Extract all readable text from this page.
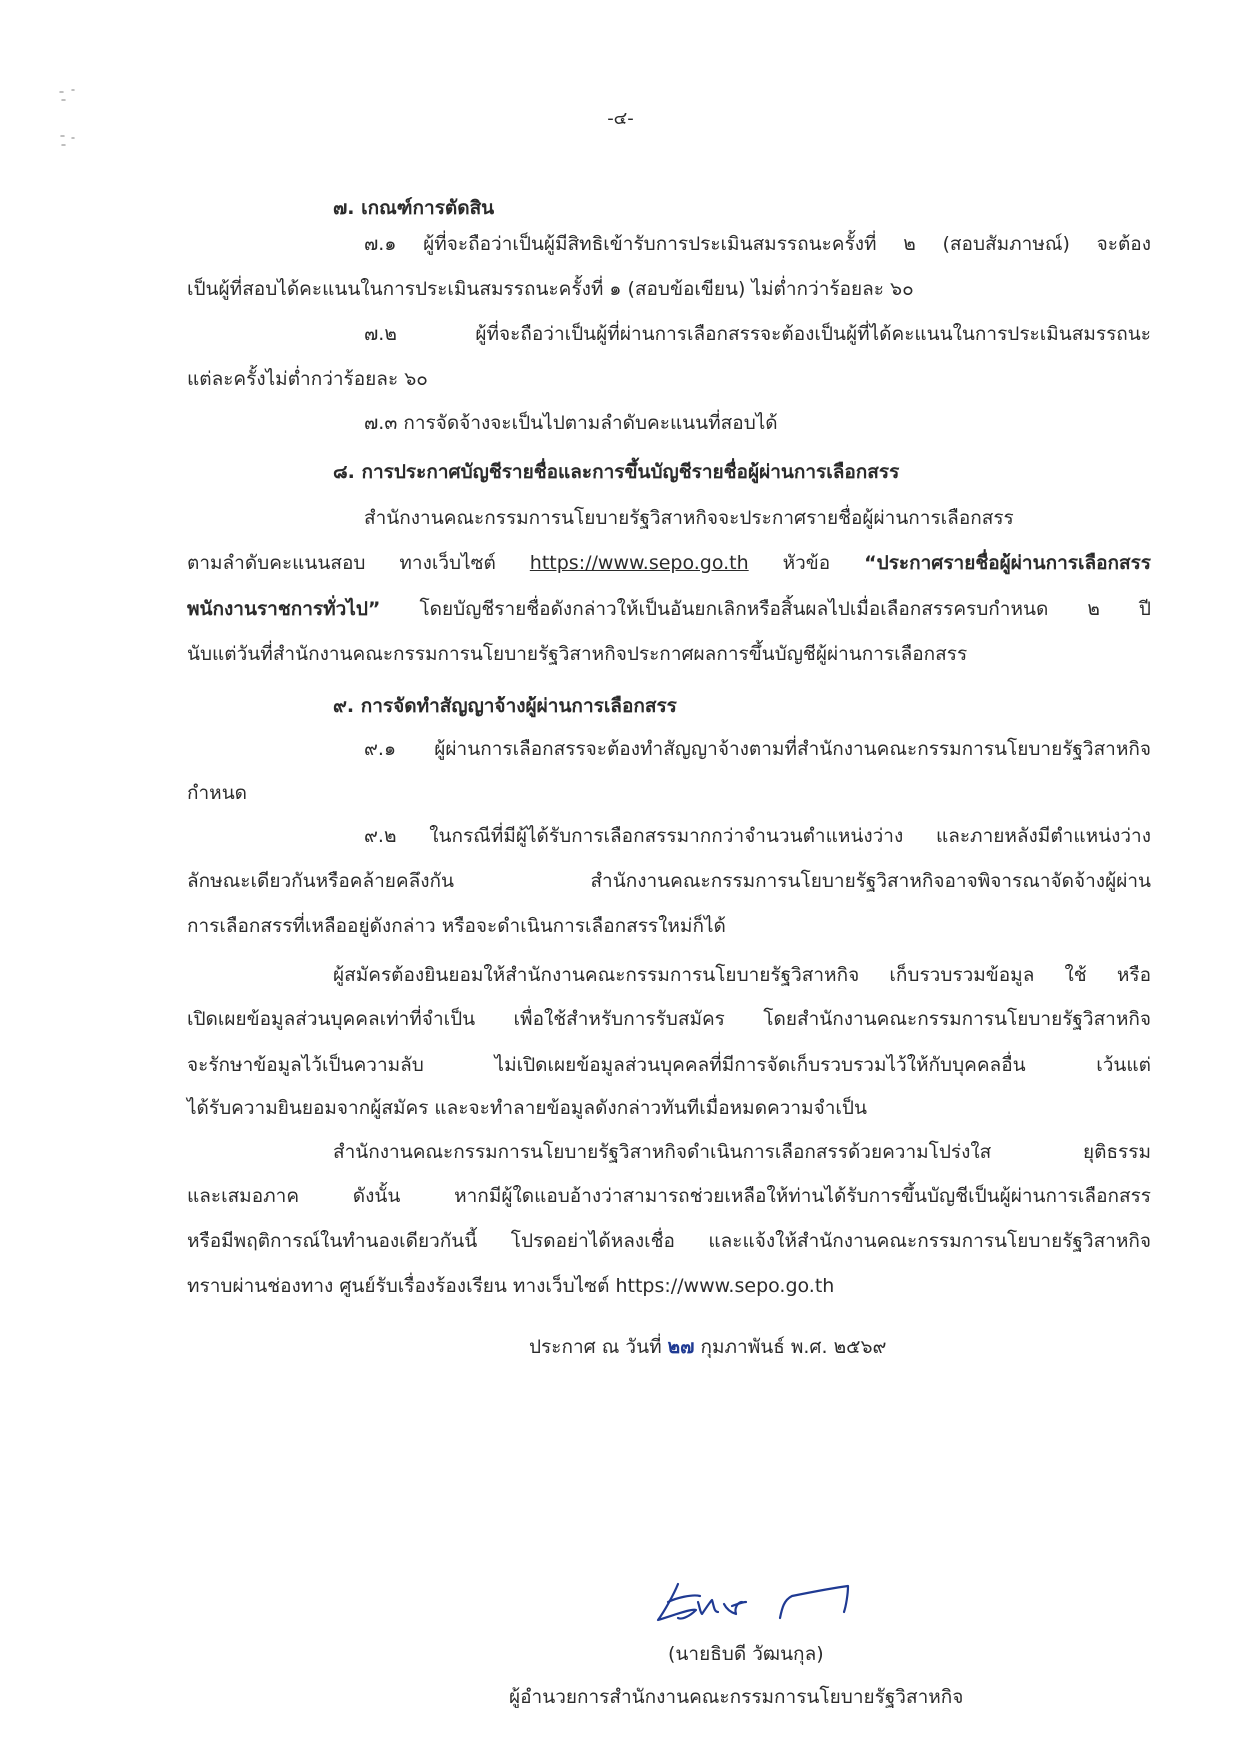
-๔-
๗. เกณฑ์การตัดสิน
๗.๑ ผู้ที่จะถือว่าเป็นผู้มีสิทธิเข้ารับการประเมินสมรรถนะครั้งที่ ๒ (สอบสัมภาษณ์) จะต้อง
เป็นผู้ที่สอบได้คะแนนในการประเมินสมรรถนะครั้งที่ ๑ (สอบข้อเขียน) ไม่ต่ำกว่าร้อยละ ๖๐
๗.๒ ผู้ที่จะถือว่าเป็นผู้ที่ผ่านการเลือกสรรจะต้องเป็นผู้ที่ได้คะแนนในการประเมินสมรรถนะ
แต่ละครั้งไม่ต่ำกว่าร้อยละ ๖๐
๗.๓ การจัดจ้างจะเป็นไปตามลำดับคะแนนที่สอบได้
๘. การประกาศบัญชีรายชื่อและการขึ้นบัญชีรายชื่อผู้ผ่านการเลือกสรร
สำนักงานคณะกรรมการนโยบายรัฐวิสาหกิจจะประกาศรายชื่อผู้ผ่านการเลือกสรร
ตามลำดับคะแนนสอบ ทางเว็บไซต์ https://www.sepo.go.th หัวข้อ “ประกาศรายชื่อผู้ผ่านการเลือกสรร
พนักงานราชการทั่วไป” โดยบัญชีรายชื่อดังกล่าวให้เป็นอันยกเลิกหรือสิ้นผลไปเมื่อเลือกสรรครบกำหนด ๒ ปี
นับแต่วันที่สำนักงานคณะกรรมการนโยบายรัฐวิสาหกิจประกาศผลการขึ้นบัญชีผู้ผ่านการเลือกสรร
๙. การจัดทำสัญญาจ้างผู้ผ่านการเลือกสรร
๙.๑ ผู้ผ่านการเลือกสรรจะต้องทำสัญญาจ้างตามที่สำนักงานคณะกรรมการนโยบายรัฐวิสาหกิจ
กำหนด
๙.๒ ในกรณีที่มีผู้ได้รับการเลือกสรรมากกว่าจำนวนตำแหน่งว่าง และภายหลังมีตำแหน่งว่าง
ลักษณะเดียวกันหรือคล้ายคลึงกัน สำนักงานคณะกรรมการนโยบายรัฐวิสาหกิจอาจพิจารณาจัดจ้างผู้ผ่าน
การเลือกสรรที่เหลืออยู่ดังกล่าว หรือจะดำเนินการเลือกสรรใหม่ก็ได้
ผู้สมัครต้องยินยอมให้สำนักงานคณะกรรมการนโยบายรัฐวิสาหกิจ เก็บรวบรวมข้อมูล ใช้ หรือ
เปิดเผยข้อมูลส่วนบุคคลเท่าที่จำเป็น เพื่อใช้สำหรับการรับสมัคร โดยสำนักงานคณะกรรมการนโยบายรัฐวิสาหกิจ
จะรักษาข้อมูลไว้เป็นความลับ ไม่เปิดเผยข้อมูลส่วนบุคคลที่มีการจัดเก็บรวบรวมไว้ให้กับบุคคลอื่น เว้นแต่
ได้รับความยินยอมจากผู้สมัคร และจะทำลายข้อมูลดังกล่าวทันทีเมื่อหมดความจำเป็น
สำนักงานคณะกรรมการนโยบายรัฐวิสาหกิจดำเนินการเลือกสรรด้วยความโปร่งใส ยุติธรรม
และเสมอภาค ดังนั้น หากมีผู้ใดแอบอ้างว่าสามารถช่วยเหลือให้ท่านได้รับการขึ้นบัญชีเป็นผู้ผ่านการเลือกสรร
หรือมีพฤติการณ์ในทำนองเดียวกันนี้ โปรดอย่าได้หลงเชื่อ และแจ้งให้สำนักงานคณะกรรมการนโยบายรัฐวิสาหกิจ
ทราบผ่านช่องทาง ศูนย์รับเรื่องร้องเรียน ทางเว็บไซต์ https://www.sepo.go.th
ประกาศ ณ วันที่ ๒๗ กุมภาพันธ์ พ.ศ. ๒๕๖๙
(นายธิบดี วัฒนกุล)
ผู้อำนวยการสำนักงานคณะกรรมการนโยบายรัฐวิสาหกิจ
